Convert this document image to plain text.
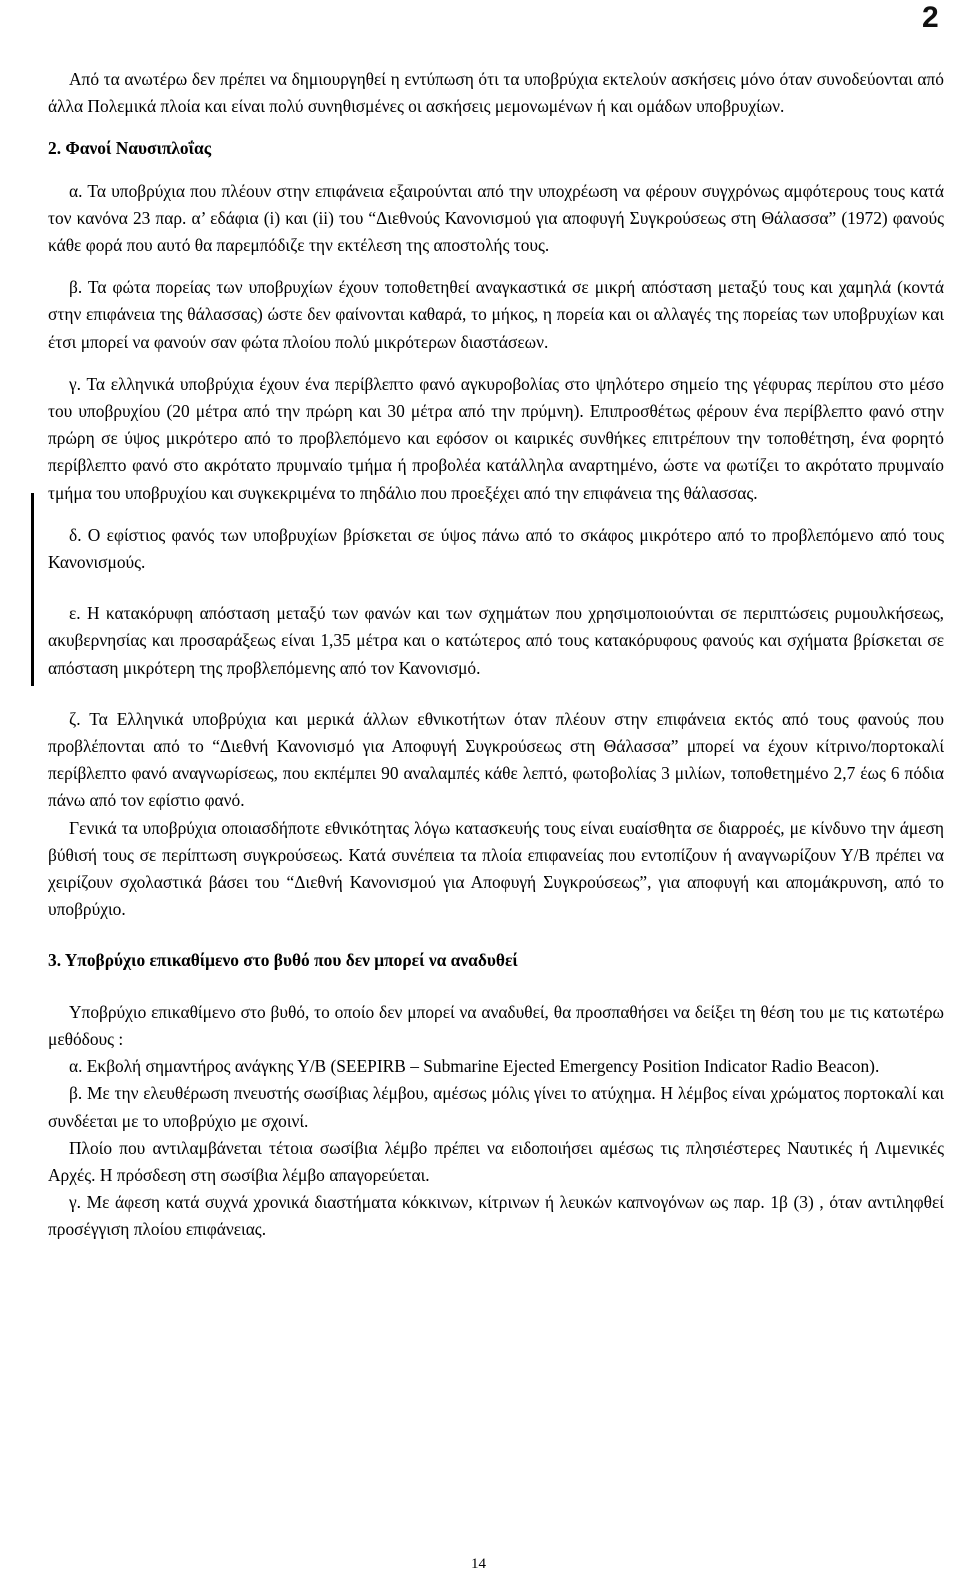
2

Από τα ανωτέρω δεν πρέπει να δημιουργηθεί η εντύπωση ότι τα υποβρύχια εκτελούν ασκήσεις μόνο όταν συνοδεύονται από άλλα Πολεμικά πλοία και είναι πολύ συνηθισμένες οι ασκήσεις μεμονωμένων ή και ομάδων υποβρυχίων.

2. Φανοί Ναυσιπλοΐας

α. Τα υποβρύχια που πλέουν στην επιφάνεια εξαιρούνται από την υποχρέωση να φέρουν συγχρόνως αμφότερους τους κατά τον κανόνα 23 παρ. α’ εδάφια (i) και (ii) του “Διεθνούς Κανονισμού για αποφυγή Συγκρούσεως στη Θάλασσα” (1972) φανούς κάθε φορά που αυτό θα παρεμπόδιζε την εκτέλεση της αποστολής τους.

β. Τα φώτα πορείας των υποβρυχίων έχουν τοποθετηθεί αναγκαστικά σε μικρή απόσταση μεταξύ τους και χαμηλά (κοντά στην επιφάνεια της θάλασσας) ώστε δεν φαίνονται καθαρά, το μήκος, η πορεία και οι αλλαγές της πορείας των υποβρυχίων και έτσι μπορεί να φανούν σαν φώτα πλοίου πολύ μικρότερων διαστάσεων.

γ. Τα ελληνικά υποβρύχια έχουν ένα περίβλεπτο φανό αγκυροβολίας στο ψηλότερο σημείο της γέφυρας περίπου στο μέσο του υποβρυχίου (20 μέτρα από την πρώρη και 30 μέτρα από την πρύμνη). Επιπροσθέτως φέρουν ένα περίβλεπτο φανό στην πρώρη σε ύψος μικρότερο από το προβλεπόμενο και εφόσον οι καιρικές συνθήκες επιτρέπουν την τοποθέτηση, ένα φορητό περίβλεπτο φανό στο ακρότατο πρυμναίο τμήμα ή προβολέα κατάλληλα αναρτημένο, ώστε να φωτίζει το ακρότατο πρυμναίο τμήμα του υποβρυχίου και συγκεκριμένα το πηδάλιο που προεξέχει από την επιφάνεια της θάλασσας.

δ. Ο εφίστιος φανός των υποβρυχίων βρίσκεται σε ύψος πάνω από το σκάφος μικρότερο από το προβλεπόμενο από τους Κανονισμούς.

ε. Η κατακόρυφη απόσταση μεταξύ των φανών και των σχημάτων που χρησιμοποιούνται σε περιπτώσεις ρυμουλκήσεως, ακυβερνησίας και προσαράξεως είναι 1,35 μέτρα και ο κατώτερος από τους κατακόρυφους φανούς και σχήματα βρίσκεται σε απόσταση μικρότερη της προβλεπόμενης από τον Κανονισμό.

ζ. Τα Ελληνικά υποβρύχια και μερικά άλλων εθνικοτήτων όταν πλέουν στην επιφάνεια εκτός από τους φανούς που προβλέπονται από το “Διεθνή Κανονισμό για Αποφυγή Συγκρούσεως στη Θάλασσα” μπορεί να έχουν κίτρινο/πορτοκαλί περίβλεπτο φανό αναγνωρίσεως, που εκπέμπει 90 αναλαμπές κάθε λεπτό, φωτοβολίας 3 μιλίων, τοποθετημένο 2,7 έως 6 πόδια πάνω από τον εφίστιο φανό.

Γενικά τα υποβρύχια οποιασδήποτε εθνικότητας λόγω κατασκευής τους είναι ευαίσθητα σε διαρροές, με κίνδυνο την άμεση βύθισή τους σε περίπτωση συγκρούσεως. Κατά συνέπεια τα πλοία επιφανείας που εντοπίζουν ή αναγνωρίζουν Υ/Β πρέπει να χειρίζουν σχολαστικά βάσει του “Διεθνή Κανονισμού για Αποφυγή Συγκρούσεως”, για αποφυγή και απομάκρυνση, από το υποβρύχιο.

3. Υποβρύχιο επικαθίμενο στο βυθό που δεν μπορεί να αναδυθεί

Υποβρύχιο επικαθίμενο στο βυθό, το οποίο δεν μπορεί να αναδυθεί, θα προσπαθήσει να δείξει τη θέση του με τις κατωτέρω μεθόδους :

α. Εκβολή σημαντήρος ανάγκης Υ/Β (SEEPIRB – Submarine Ejected Emergency Position Indicator Radio Beacon).

β. Με την ελευθέρωση πνευστής σωσίβιας λέμβου, αμέσως μόλις γίνει το ατύχημα. Η λέμβος είναι χρώματος πορτοκαλί και συνδέεται με το υποβρύχιο με σχοινί.

Πλοίο που αντιλαμβάνεται τέτοια σωσίβια λέμβο πρέπει να ειδοποιήσει αμέσως τις πλησιέστερες Ναυτικές ή Λιμενικές Αρχές. Η πρόσδεση στη σωσίβια λέμβο απαγορεύεται.

γ. Με άφεση κατά συχνά χρονικά διαστήματα κόκκινων, κίτρινων ή λευκών καπνογόνων ως παρ. 1β (3) , όταν αντιληφθεί προσέγγιση πλοίου επιφάνειας.

14
